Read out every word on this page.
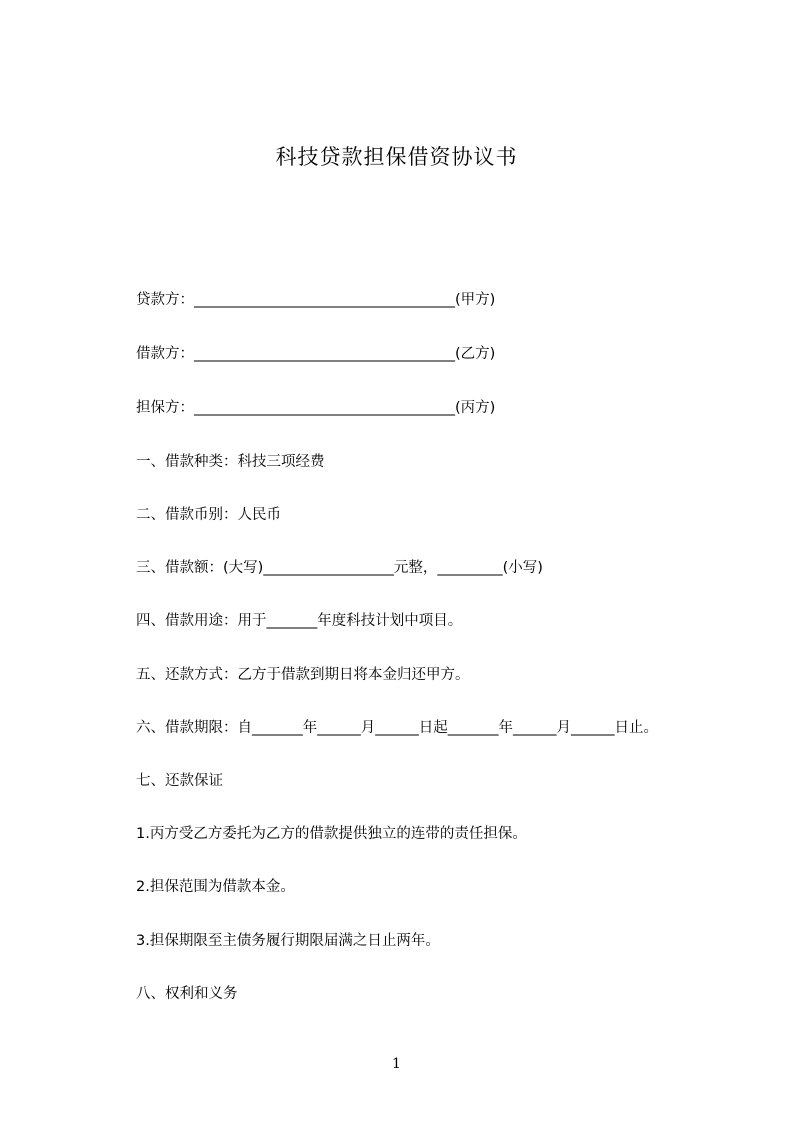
科技贷款担保借资协议书
贷款方：____________________________________(甲方)
借款方：____________________________________(乙方)
担保方：____________________________________(丙方)
一、借款种类：科技三项经费
二、借款币别：人民币
三、借款额：(大写)__________________元整，_________(小写)
四、借款用途：用于_______年度科技计划中项目。
五、还款方式：乙方于借款到期日将本金归还甲方。
六、借款期限：自_______年______月______日起_______年______月______日止。
七、还款保证
1.丙方受乙方委托为乙方的借款提供独立的连带的责任担保。
2.担保范围为借款本金。
3.担保期限至主债务履行期限届满之日止两年。
八、权利和义务
1
